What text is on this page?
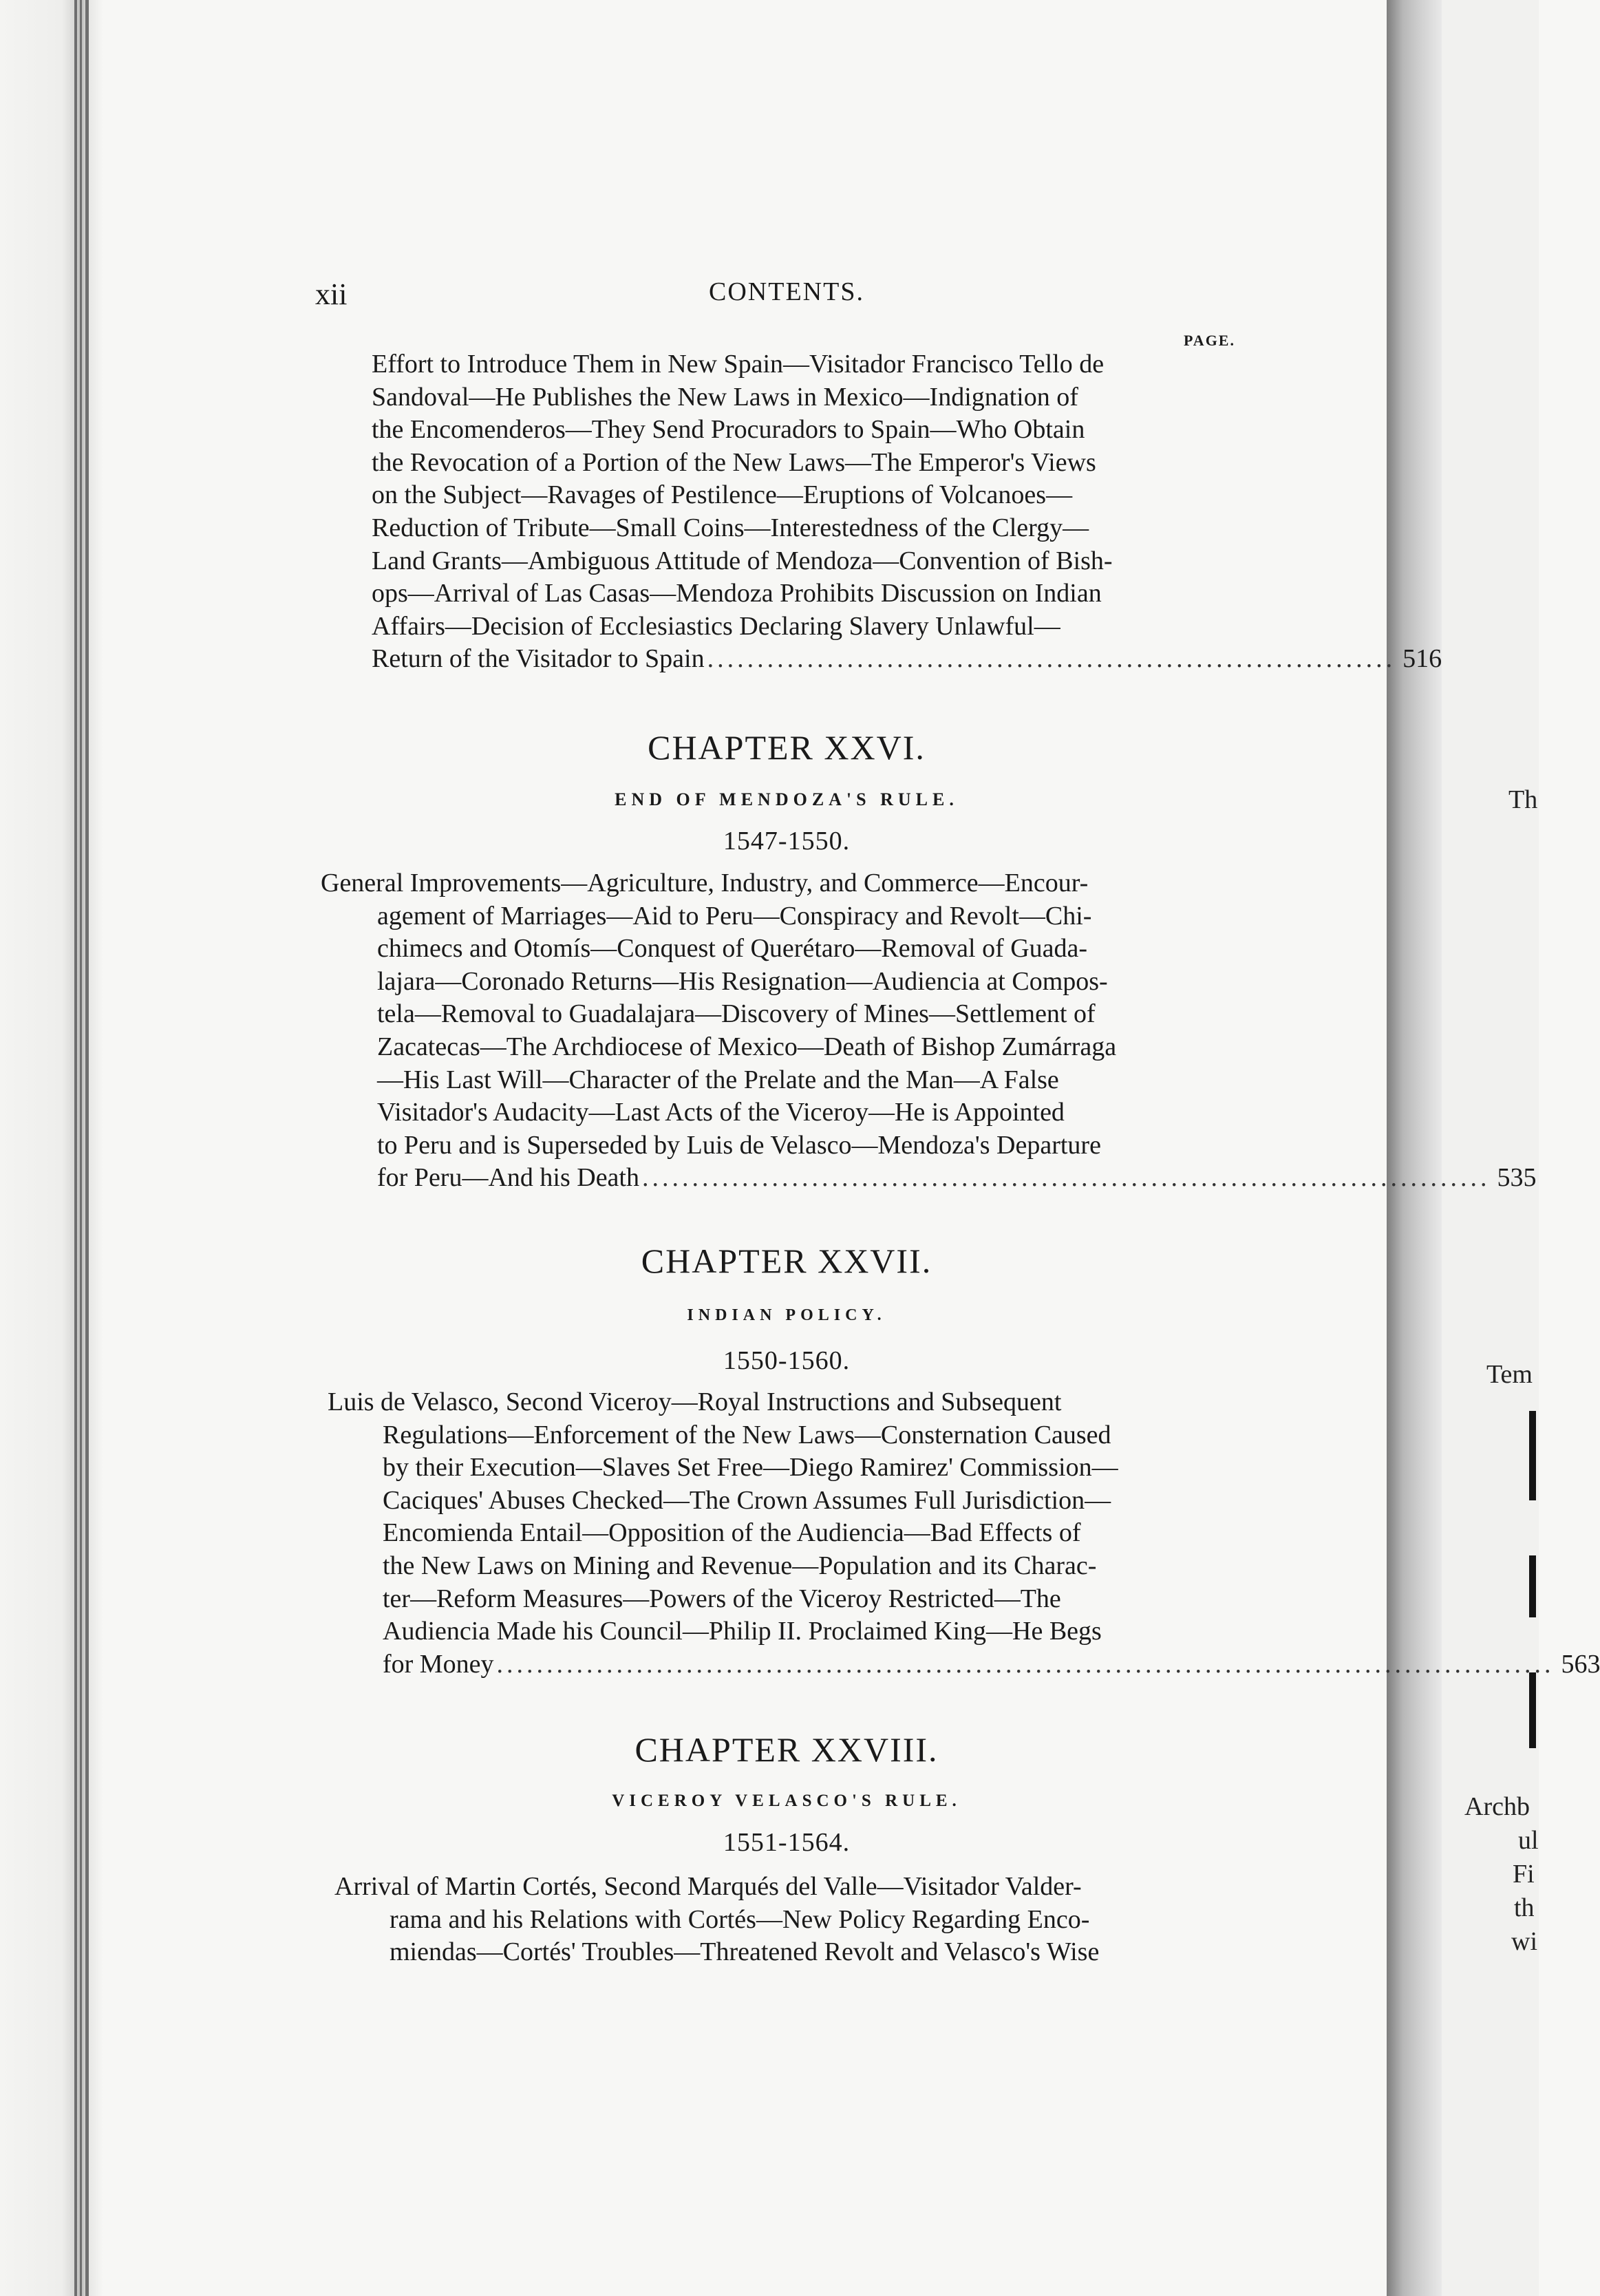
Th
Tem
Archb
ul
Fi
th
wi
xii	CONTENTS.
PAGE.

Effort to Introduce Them in New Spain—Visitador Francisco Tello de

Sandoval—He Publishes the New Laws in Mexico—Indignation of

the Encomenderos—They Send Procuradors to Spain—Who Obtain

the Revocation of a Portion of the New Laws—The Emperor's Views

on the Subject—Ravages of Pestilence—Eruptions of Volcanoes—

Reduction of Tribute—Small Coins—Interestedness of the Clergy—

Land Grants—Ambiguous Attitude of Mendoza—Convention of Bish-

ops—Arrival of Las Casas—Mendoza Prohibits Discussion on Indian

Affairs—Decision of Ecclesiastics Declaring Slavery Unlawful—

Return of the Visitador to Spain ..................................................................... 516
CHAPTER XXVI.
END OF MENDOZA'S RULE.
1547-1550.

General Improvements—Agriculture, Industry, and Commerce—Encour-

agement of Marriages—Aid to Peru—Conspiracy and Revolt—Chi-

chimecs and Otomís—Conquest of Querétaro—Removal of Guada-

lajara—Coronado Returns—His Resignation—Audiencia at Compos-

tela—Removal to Guadalajara—Discovery of Mines—Settlement of

Zacatecas—The Archdiocese of Mexico—Death of Bishop Zumárraga

—His Last Will—Character of the Prelate and the Man—A False

Visitador's Audacity—Last Acts of the Viceroy—He is Appointed

to Peru and is Superseded by Luis de Velasco—Mendoza's Departure

for Peru—And his Death ..................................................................................... 535
CHAPTER XXVII.
INDIAN POLICY.
1550-1560.

Luis de Velasco, Second Viceroy—Royal Instructions and Subsequent

Regulations—Enforcement of the New Laws—Consternation Caused

by their Execution—Slaves Set Free—Diego Ramirez' Commission—

Caciques' Abuses Checked—The Crown Assumes Full Jurisdiction—

Encomienda Entail—Opposition of the Audiencia—Bad Effects of

the New Laws on Mining and Revenue—Population and its Charac-

ter—Reform Measures—Powers of the Viceroy Restricted—The

Audiencia Made his Council—Philip II. Proclaimed King—He Begs

for Money .......................................................................................................... 563
CHAPTER XXVIII.
VICEROY VELASCO'S RULE.
1551-1564.

Arrival of Martin Cortés, Second Marqués del Valle—Visitador Valder-

rama and his Relations with Cortés—New Policy Regarding Enco-

miendas—Cortés' Troubles—Threatened Revolt and Velasco's Wise
